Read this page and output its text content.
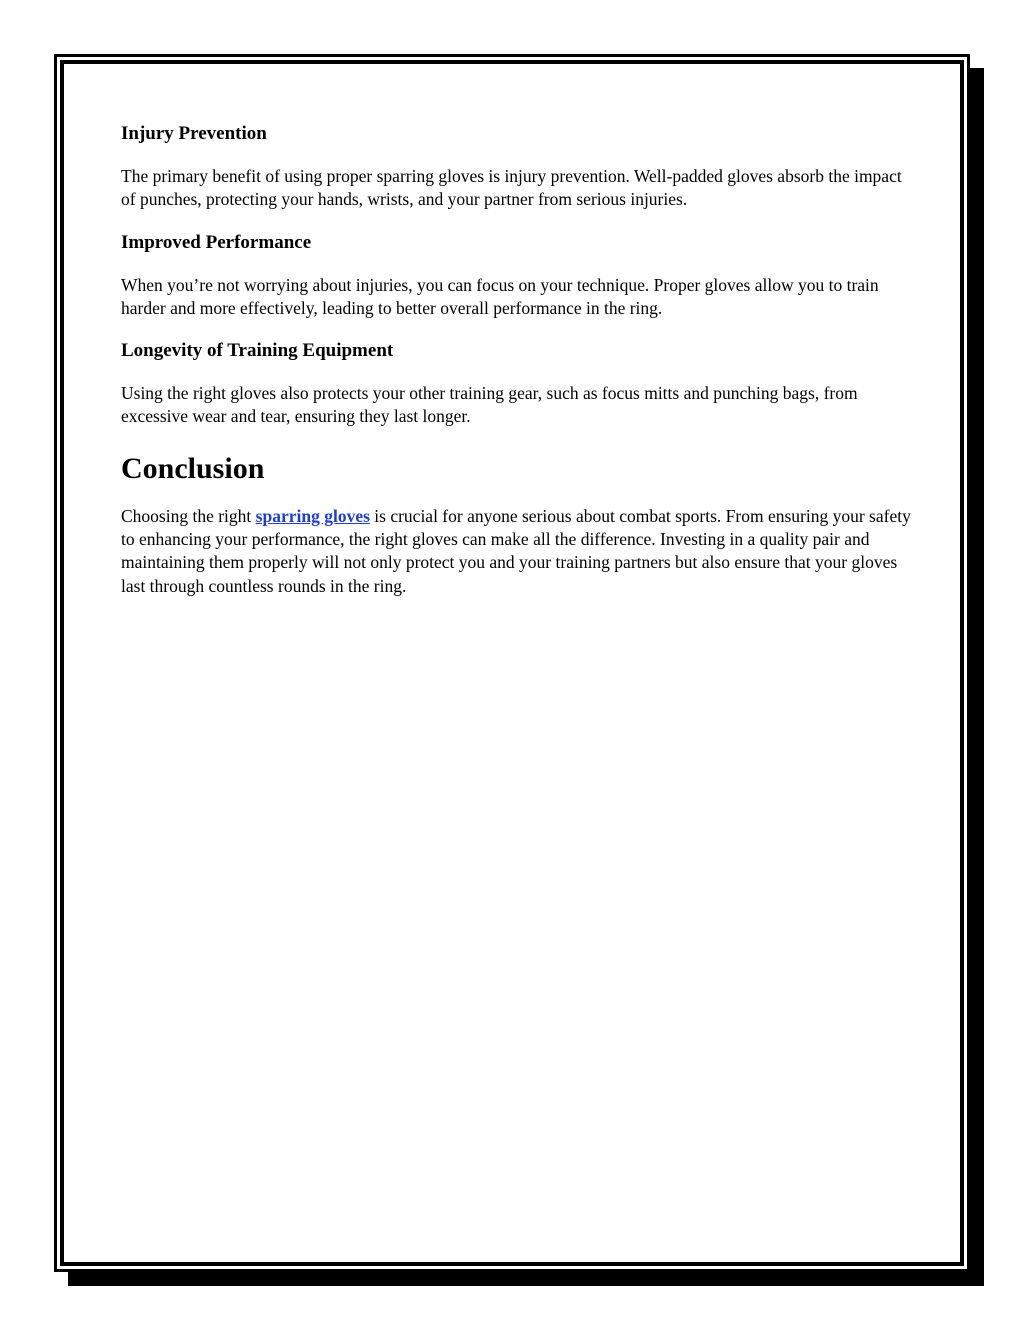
Injury Prevention

The primary benefit of using proper sparring gloves is injury prevention. Well-padded gloves absorb the impact of punches, protecting your hands, wrists, and your partner from serious injuries.

Improved Performance

When you’re not worrying about injuries, you can focus on your technique. Proper gloves allow you to train harder and more effectively, leading to better overall performance in the ring.

Longevity of Training Equipment

Using the right gloves also protects your other training gear, such as focus mitts and punching bags, from excessive wear and tear, ensuring they last longer.

Conclusion

Choosing the right sparring gloves is crucial for anyone serious about combat sports. From ensuring your safety to enhancing your performance, the right gloves can make all the difference. Investing in a quality pair and maintaining them properly will not only protect you and your training partners but also ensure that your gloves last through countless rounds in the ring.
